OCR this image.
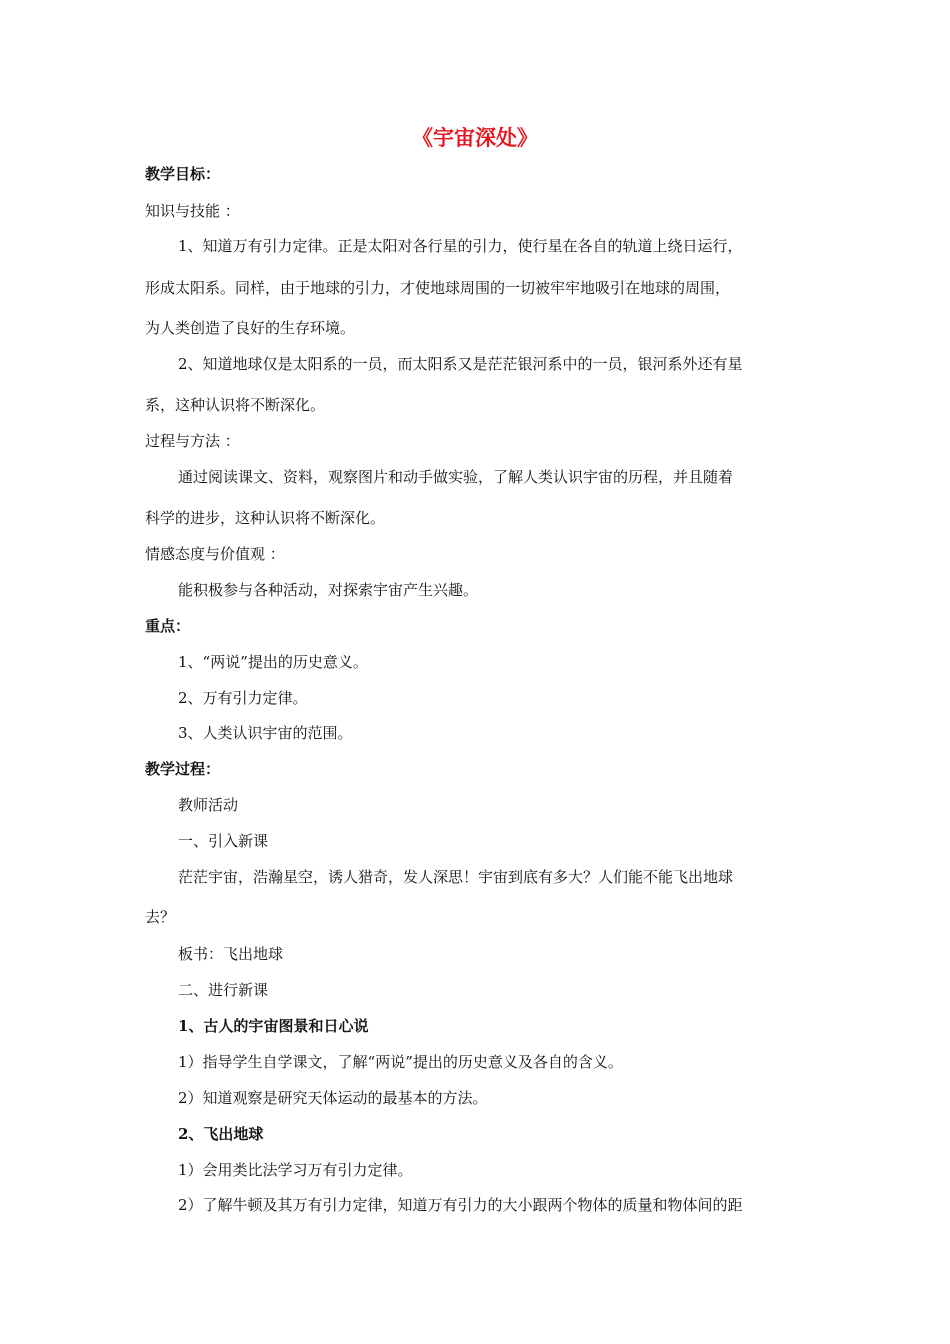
《宇宙深处》
教学目标：
知识与技能 ：
1、知道万有引力定律。正是太阳对各行星的引力，使行星在各自的轨道上绕日运行，
形成太阳系。同样，由于地球的引力，才使地球周围的一切被牢牢地吸引在地球的周围，
为人类创造了良好的生存环境。
2、知道地球仅是太阳系的一员，而太阳系又是茫茫银河系中的一员，银河系外还有星
系，这种认识将不断深化。
过程与方法 ：
通过阅读课文、资料，观察图片和动手做实验，了解人类认识宇宙的历程，并且随着
科学的进步，这种认识将不断深化。
情感态度与价值观 ：
能积极参与各种活动，对探索宇宙产生兴趣。
重点：
1、“两说”提出的历史意义。
2、万有引力定律。
3、人类认识宇宙的范围。
教学过程：
教师活动
一、引入新课
茫茫宇宙，浩瀚星空，诱人猎奇，发人深思！宇宙到底有多大？人们能不能飞出地球
去？
板书：飞出地球
二、进行新课
1、古人的宇宙图景和日心说
1）指导学生自学课文，了解“两说”提出的历史意义及各自的含义。
2）知道观察是研究天体运动的最基本的方法。
2、飞出地球
1）会用类比法学习万有引力定律。
2）了解牛顿及其万有引力定律，知道万有引力的大小跟两个物体的质量和物体间的距
